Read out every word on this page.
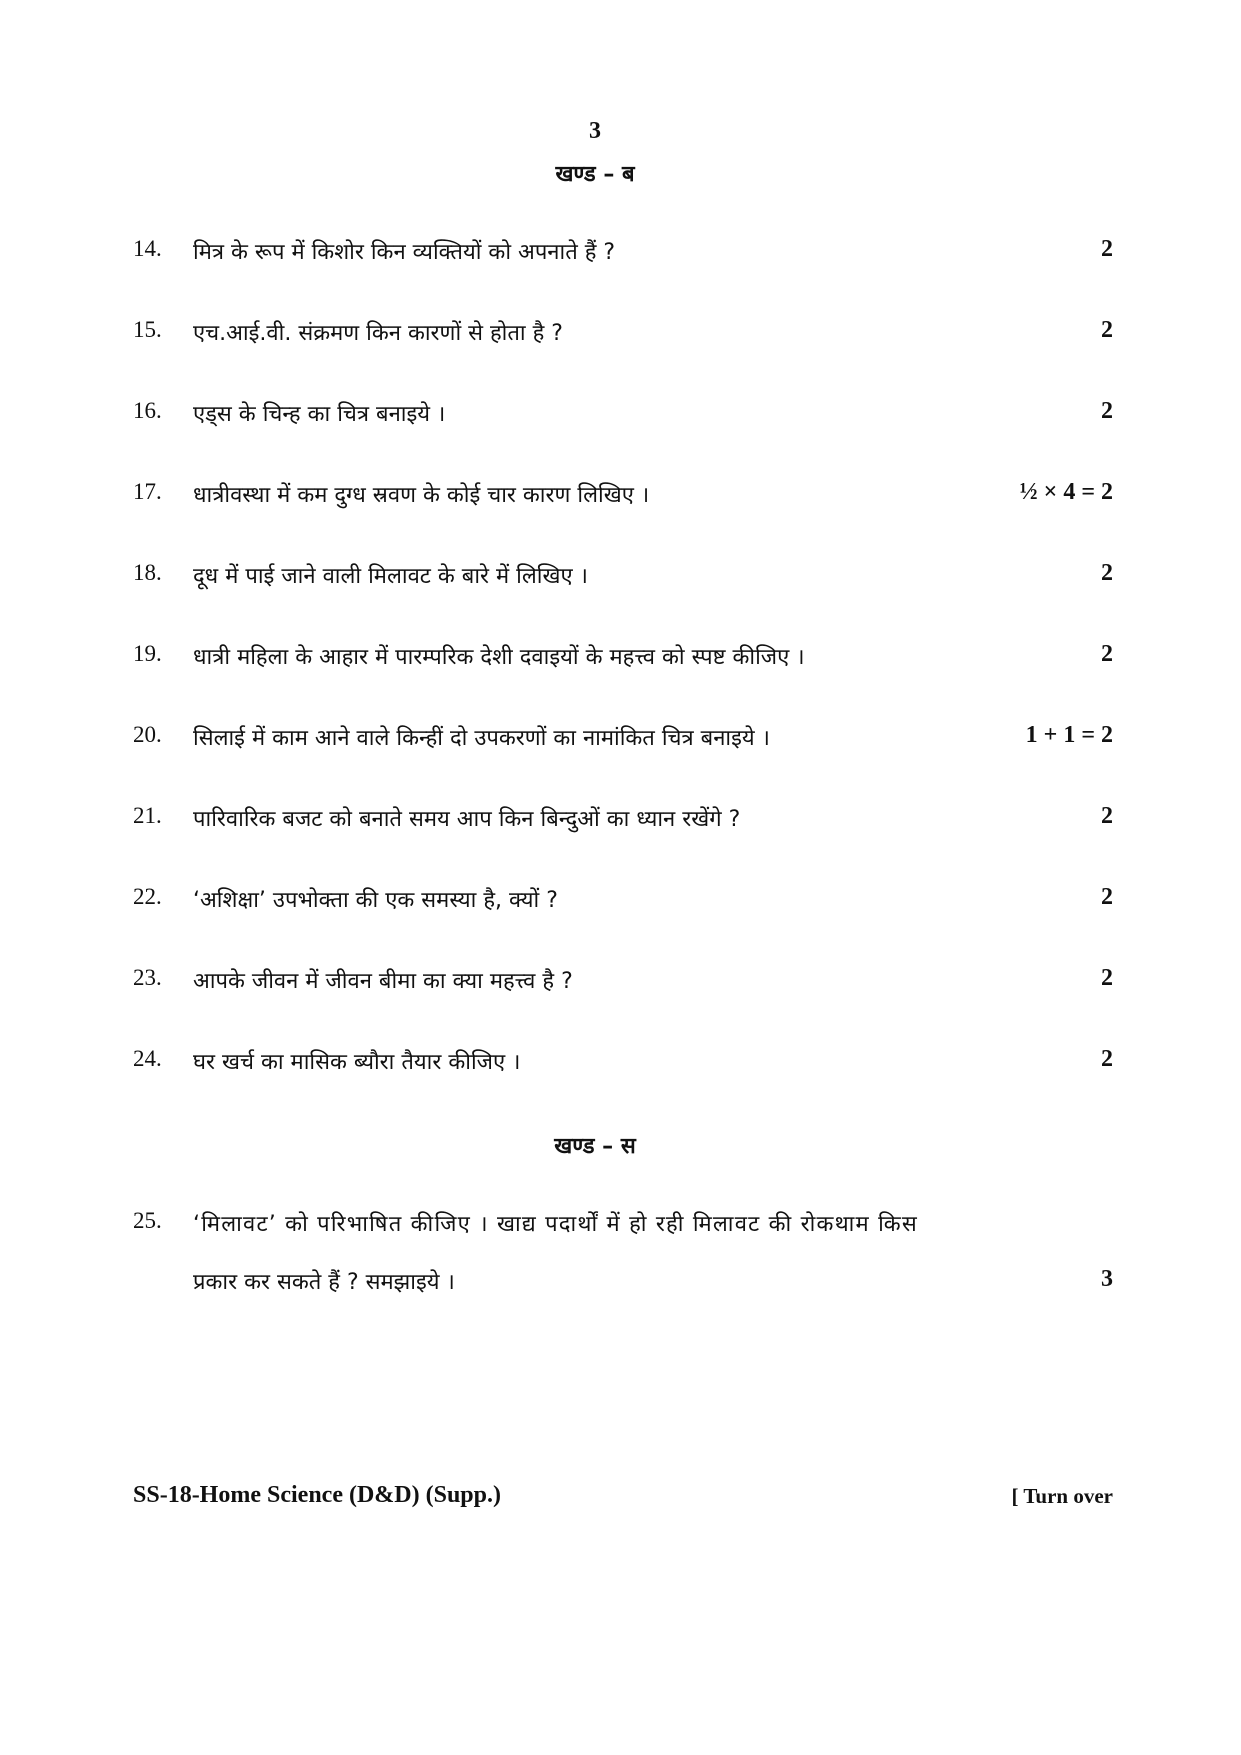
3
खण्ड – ब
14.	मित्र के रूप में किशोर किन व्यक्तियों को अपनाते हैं ?	2
15.	एच.आई.वी. संक्रमण किन कारणों से होता है ?	2
16.	एड्स के चिन्ह का चित्र बनाइये ।	2
17.	धात्रीवस्था में कम दुग्ध स्रवण के कोई चार कारण लिखिए ।	½ × 4 = 2
18.	दूध में पाई जाने वाली मिलावट के बारे में लिखिए ।	2
19.	धात्री महिला के आहार में पारम्परिक देशी दवाइयों के महत्त्व को स्पष्ट कीजिए ।	2
20.	सिलाई में काम आने वाले किन्हीं दो उपकरणों का नामांकित चित्र बनाइये ।	1 + 1 = 2
21.	पारिवारिक बजट को बनाते समय आप किन बिन्दुओं का ध्यान रखेंगे ?	2
22.	‘अशिक्षा’ उपभोक्ता की एक समस्या है, क्यों ?	2
23.	आपके जीवन में जीवन बीमा का क्या महत्त्व है ?	2
24.	घर खर्च का मासिक ब्यौरा तैयार कीजिए ।	2
खण्ड – स
25.	‘मिलावट’ को परिभाषित कीजिए । खाद्य पदार्थों में हो रही मिलावट की रोकथाम किस
प्रकार कर सकते हैं ? समझाइये ।	3
SS-18-Home Science (D&D) (Supp.)	[ Turn over
